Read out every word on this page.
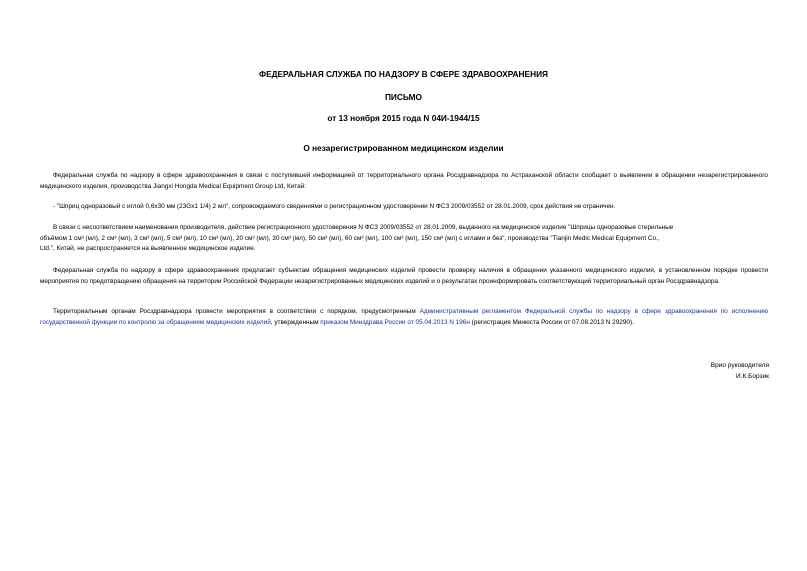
ФЕДЕРАЛЬНАЯ СЛУЖБА ПО НАДЗОРУ В СФЕРЕ ЗДРАВООХРАНЕНИЯ
ПИСЬМО
от 13 ноября 2015 года N 04И-1944/15
О незарегистрированном медицинском изделии
Федеральная служба по надзору в сфере здравоохранения в связи с поступившей информацией от территориального органа Росздравнадзора по Астраханской области сообщает о выявлении в обращении незарегистрированного медицинского изделия, производства Jiangxi Hongda Medical Equipment Group Ltd, Китай:
- "Шприц одноразовый с иглой 0,6х30 мм (23Gх1 1/4) 2 мл", сопровождаемого сведениями о регистрационном удостоверении N ФСЗ 2009/03552 от 28.01.2009, срок действия не ограничен.
В связи с несоответствием наименования производителя, действие регистрационного удостоверения N ФСЗ 2009/03552 от 28.01.2009, выданного на медицинское изделие "Шприцы одноразовые стерильные
объёмом 1 см³ (мл), 2 см³ (мл), 3 см³ (мл), 5 см³ (мл), 10 см³ (мл), 20 см³ (мл), 30 см³ (мл), 50 см³ (мл), 60 см³ (мл), 100 см³ (мл), 150 см³ (мл) с иглами и без", производства "Tianjin Medic Medical Equipment Co.,
Ltd.", Китай, не распространяется на выявленное медицинское изделие.
Федеральная служба по надзору в сфере здравоохранения предлагает субъектам обращения медицинских изделий провести проверку наличия в обращении указанного медицинского изделия, в установленном порядке провести мероприятия по предотвращению обращения на территории Российской Федерации незарегистрированных медицинских изделий и о результатах проинформировать соответствующий территориальный орган Росздравнадзора.
Территориальным органам Росздравнадзора провести мероприятия в соответствии с порядком, предусмотренным Административным регламентом Федеральной службы по надзору в сфере здравоохранения по исполнению государственной функции по контролю за обращением медицинских изделий, утвержденным приказом Минздрава России от 05.04.2013 N 196н (регистрация Минюста России от 07.08.2013 N 29290).
Врио руководителя
И.К.Борзик
